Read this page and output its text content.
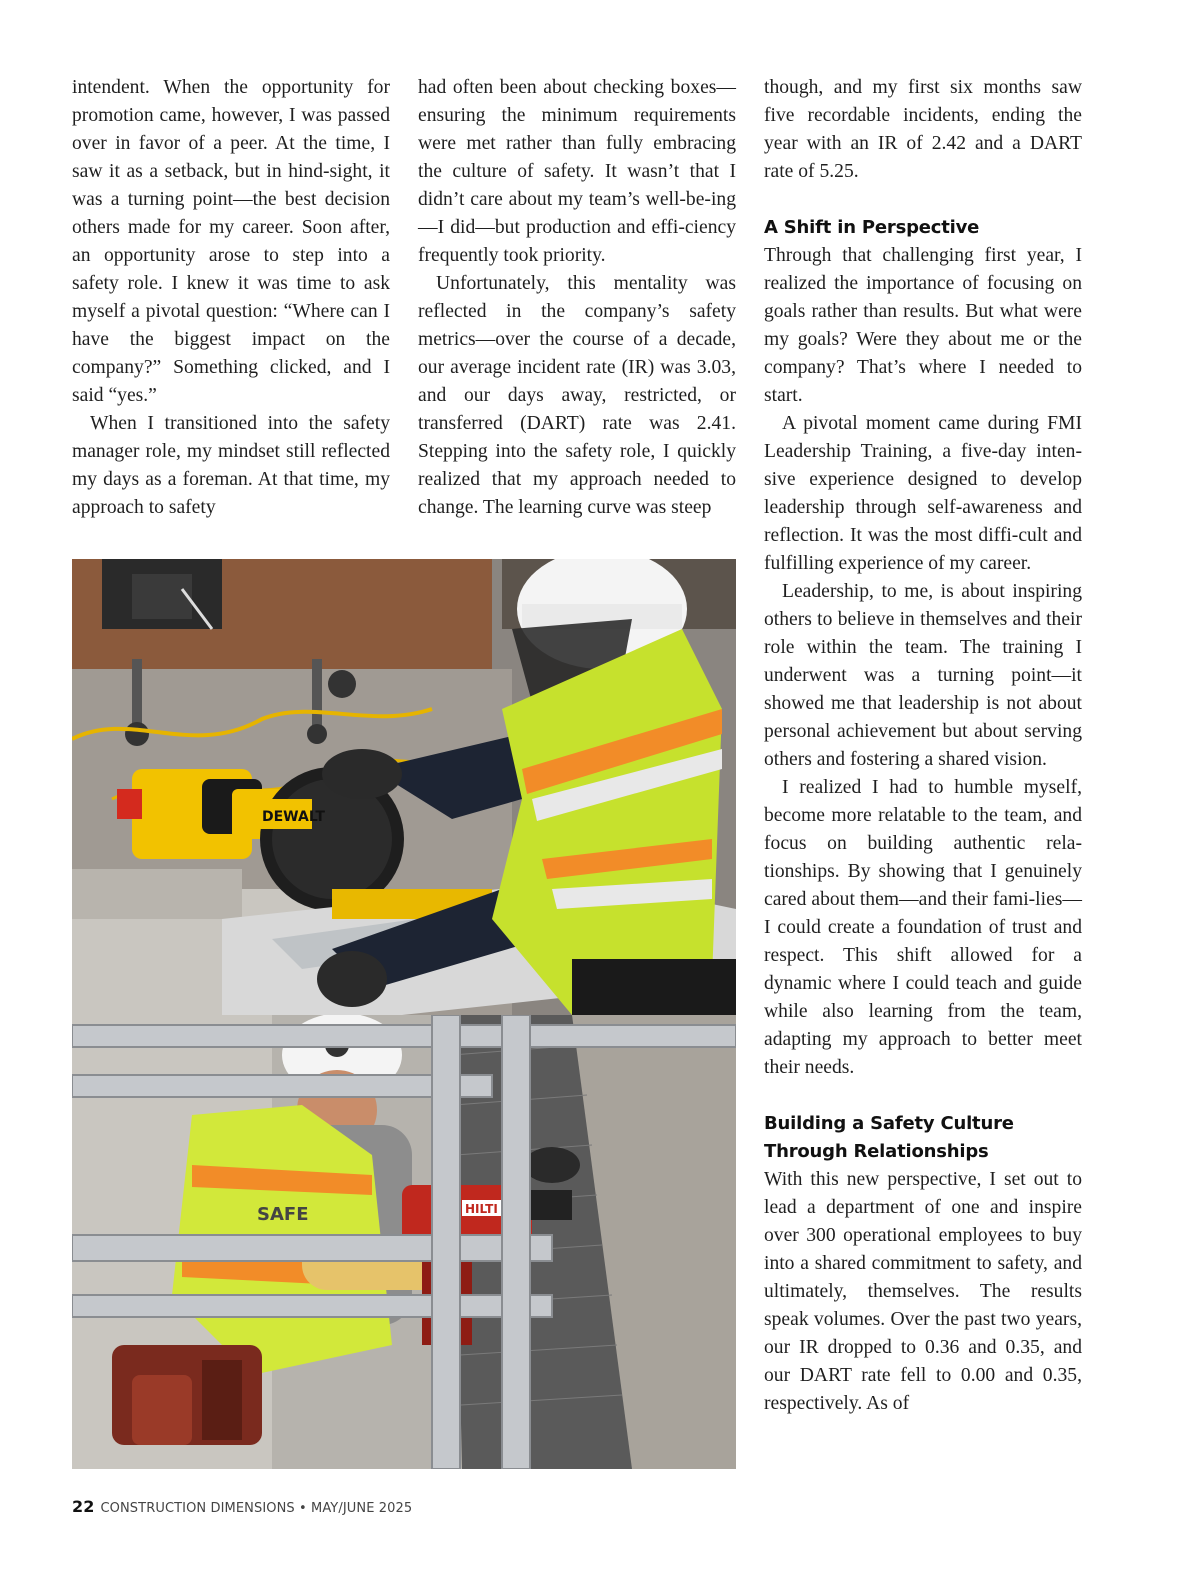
intendent. When the opportunity for promotion came, however, I was passed over in favor of a peer. At the time, I saw it as a setback, but in hind-sight, it was a turning point—the best decision others made for my career. Soon after, an opportunity arose to step into a safety role. I knew it was time to ask myself a pivotal question: “Where can I have the biggest impact on the company?” Something clicked, and I said “yes.”

When I transitioned into the safety manager role, my mindset still reflected my days as a foreman. At that time, my approach to safety

had often been about checking boxes—ensuring the minimum requirements were met rather than fully embracing the culture of safety. It wasn’t that I didn’t care about my team’s well-be-ing—I did—but production and effi-ciency frequently took priority.

Unfortunately, this mentality was reflected in the company’s safety metrics—over the course of a decade, our average incident rate (IR) was 3.03, and our days away, restricted, or transferred (DART) rate was 2.41. Stepping into the safety role, I quickly realized that my approach needed to change. The learning curve was steep

though, and my first six months saw five recordable incidents, ending the year with an IR of 2.42 and a DART rate of 5.25.

A Shift in Perspective

Through that challenging first year, I realized the importance of focusing on goals rather than results. But what were my goals? Were they about me or the company? That’s where I needed to start.

A pivotal moment came during FMI Leadership Training, a five-day inten-sive experience designed to develop leadership through self-awareness and reflection. It was the most diffi-cult and fulfilling experience of my career.

Leadership, to me, is about inspiring others to believe in themselves and their role within the team. The training I underwent was a turning point—it showed me that leadership is not about personal achievement but about serving others and fostering a shared vision.

I realized I had to humble myself, become more relatable to the team, and focus on building authentic rela-tionships. By showing that I genuinely cared about them—and their fami-lies—I could create a foundation of trust and respect. This shift allowed for a dynamic where I could teach and guide while also learning from the team, adapting my approach to better meet their needs.

Building a Safety Culture
Through Relationships

With this new perspective, I set out to lead a department of one and inspire over 300 operational employees to buy into a shared commitment to safety, and ultimately, themselves. The results speak volumes. Over the past two years, our IR dropped to 0.36 and 0.35, and our DART rate fell to 0.00 and 0.35, respectively. As of

DEWALT
SAFE	HILTI
22 CONSTRUCTION DIMENSIONS • MAY/JUNE 2025
